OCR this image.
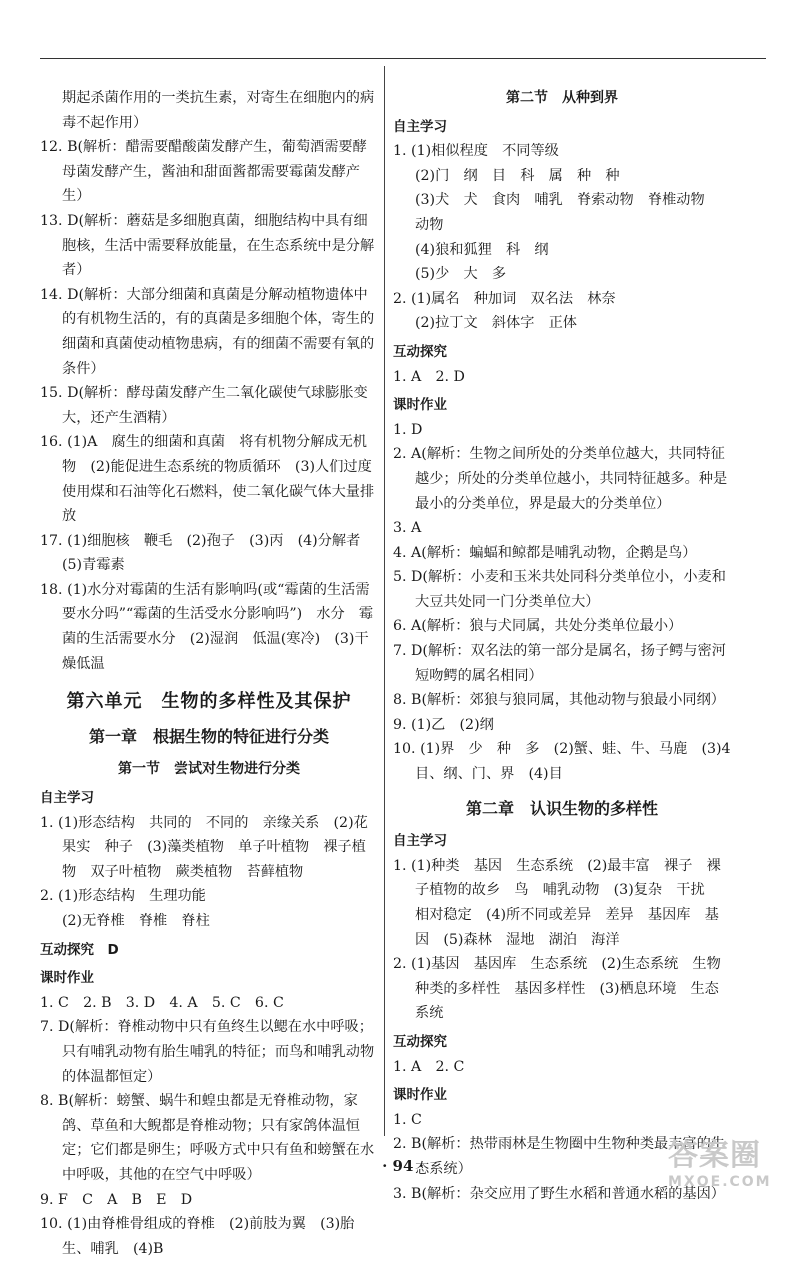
期起杀菌作用的一类抗生素，对寄生在细胞内的病毒不起作用）

12. B(解析：醋需要醋酸菌发酵产生，葡萄酒需要酵母菌发酵产生，酱油和甜面酱都需要霉菌发酵产生）

13. D(解析：蘑菇是多细胞真菌，细胞结构中具有细胞核，生活中需要释放能量，在生态系统中是分解者）

14. D(解析：大部分细菌和真菌是分解动植物遗体中的有机物生活的，有的真菌是多细胞个体，寄生的细菌和真菌使动植物患病，有的细菌不需要有氧的条件）

15. D(解析：酵母菌发酵产生二氧化碳使气球膨胀变大，还产生酒精）

16. (1)A　腐生的细菌和真菌　将有机物分解成无机物　(2)能促进生态系统的物质循环　(3)人们过度使用煤和石油等化石燃料，使二氧化碳气体大量排放

17. (1)细胞核　鞭毛　(2)孢子　(3)丙　(4)分解者　(5)青霉素

18. (1)水分对霉菌的生活有影响吗(或“霉菌的生活需要水分吗”“霉菌的生活受水分影响吗”)　水分　霉菌的生活需要水分　(2)湿润　低温(寒冷)　(3)干燥低温

第六单元　生物的多样性及其保护
第一章　根据生物的特征进行分类
第一节　尝试对生物进行分类
自主学习

1. (1)形态结构　共同的　不同的　亲缘关系　(2)花　果实　种子　(3)藻类植物　单子叶植物　裸子植物　双子叶植物　蕨类植物　苔藓植物

2. (1)形态结构　生理功能

(2)无脊椎　脊椎　脊柱

互动探究　D
课时作业

1. C　2. B　3. D　4. A　5. C　6. C

7. D(解析：脊椎动物中只有鱼终生以鳃在水中呼吸；只有哺乳动物有胎生哺乳的特征；而鸟和哺乳动物的体温都恒定）

8. B(解析：螃蟹、蜗牛和蝗虫都是无脊椎动物，家鸽、草鱼和大鲵都是脊椎动物；只有家鸽体温恒定；它们都是卵生；呼吸方式中只有鱼和螃蟹在水中呼吸，其他的在空气中呼吸）

9. F　C　A　B　E　D

10. (1)由脊椎骨组成的脊椎　(2)前肢为翼　(3)胎生、哺乳　(4)B

第二节　从种到界
自主学习

1. (1)相似程度　不同等级

(2)门　纲　目　科　属　种　种

(3)犬　犬　食肉　哺乳　脊索动物　脊椎动物　动物

(4)狼和狐狸　科　纲

(5)少　大　多

2. (1)属名　种加词　双名法　林奈

(2)拉丁文　斜体字　正体

互动探究

1. A　2. D

课时作业

1. D

2. A(解析：生物之间所处的分类单位越大，共同特征越少；所处的分类单位越小，共同特征越多。种是最小的分类单位，界是最大的分类单位）

3. A

4. A(解析：蝙蝠和鲸都是哺乳动物，企鹅是鸟）

5. D(解析：小麦和玉米共处同科分类单位小，小麦和大豆共处同一门分类单位大）

6. A(解析：狼与犬同属，共处分类单位最小）

7. D(解析：双名法的第一部分是属名，扬子鳄与密河短吻鳄的属名相同）

8. B(解析：郊狼与狼同属，其他动物与狼最小同纲）

9. (1)乙　(2)纲

10. (1)界　少　种　多　(2)蟹、蛙、牛、马鹿　(3)4　目、纲、门、界　(4)目

第二章　认识生物的多样性
自主学习

1. (1)种类　基因　生态系统　(2)最丰富　裸子　裸子植物的故乡　鸟　哺乳动物　(3)复杂　干扰　相对稳定　(4)所不同或差异　差异　基因库　基因　(5)森林　湿地　湖泊　海洋

2. (1)基因　基因库　生态系统　(2)生态系统　生物种类的多样性　基因多样性　(3)栖息环境　生态系统

互动探究

1. A　2. C

课时作业

1. C

2. B(解析：热带雨林是生物圈中生物种类最丰富的生态系统）

3. B(解析：杂交应用了野生水稻和普通水稻的基因）

· 94 ·	答案圈
MXQE.COM
